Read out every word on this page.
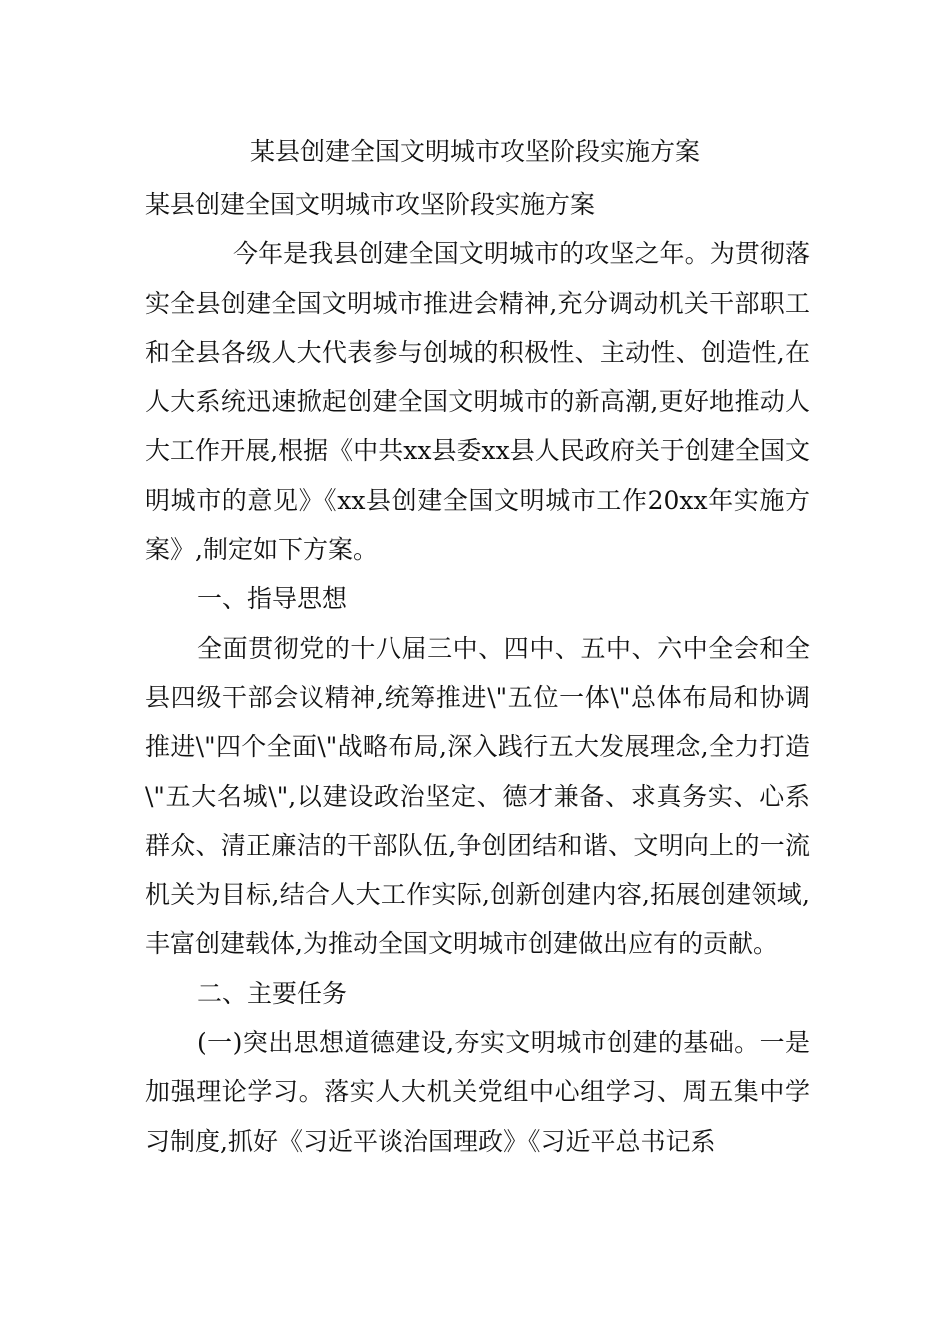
某县创建全国文明城市攻坚阶段实施方案

某县创建全国文明城市攻坚阶段实施方案

今年是我县创建全国文明城市的攻坚之年。为贯彻落实全县创建全国文明城市推进会精神,充分调动机关干部职工和全县各级人大代表参与创城的积极性、主动性、创造性,在人大系统迅速掀起创建全国文明城市的新高潮,更好地推动人大工作开展,根据《中共xx县委xx县人民政府关于创建全国文明城市的意见》《xx县创建全国文明城市工作20xx年实施方案》,制定如下方案。

一、指导思想

全面贯彻党的十八届三中、四中、五中、六中全会和全县四级干部会议精神,统筹推进\"五位一体\"总体布局和协调推进\"四个全面\"战略布局,深入践行五大发展理念,全力打造\"五大名城\",以建设政治坚定、德才兼备、求真务实、心系群众、清正廉洁的干部队伍,争创团结和谐、文明向上的一流机关为目标,结合人大工作实际,创新创建内容,拓展创建领域,丰富创建载体,为推动全国文明城市创建做出应有的贡献。

二、主要任务

(一)突出思想道德建设,夯实文明城市创建的基础。一是加强理论学习。落实人大机关党组中心组学习、周五集中学习制度,抓好《习近平谈治国理政》《习近平总书记系
